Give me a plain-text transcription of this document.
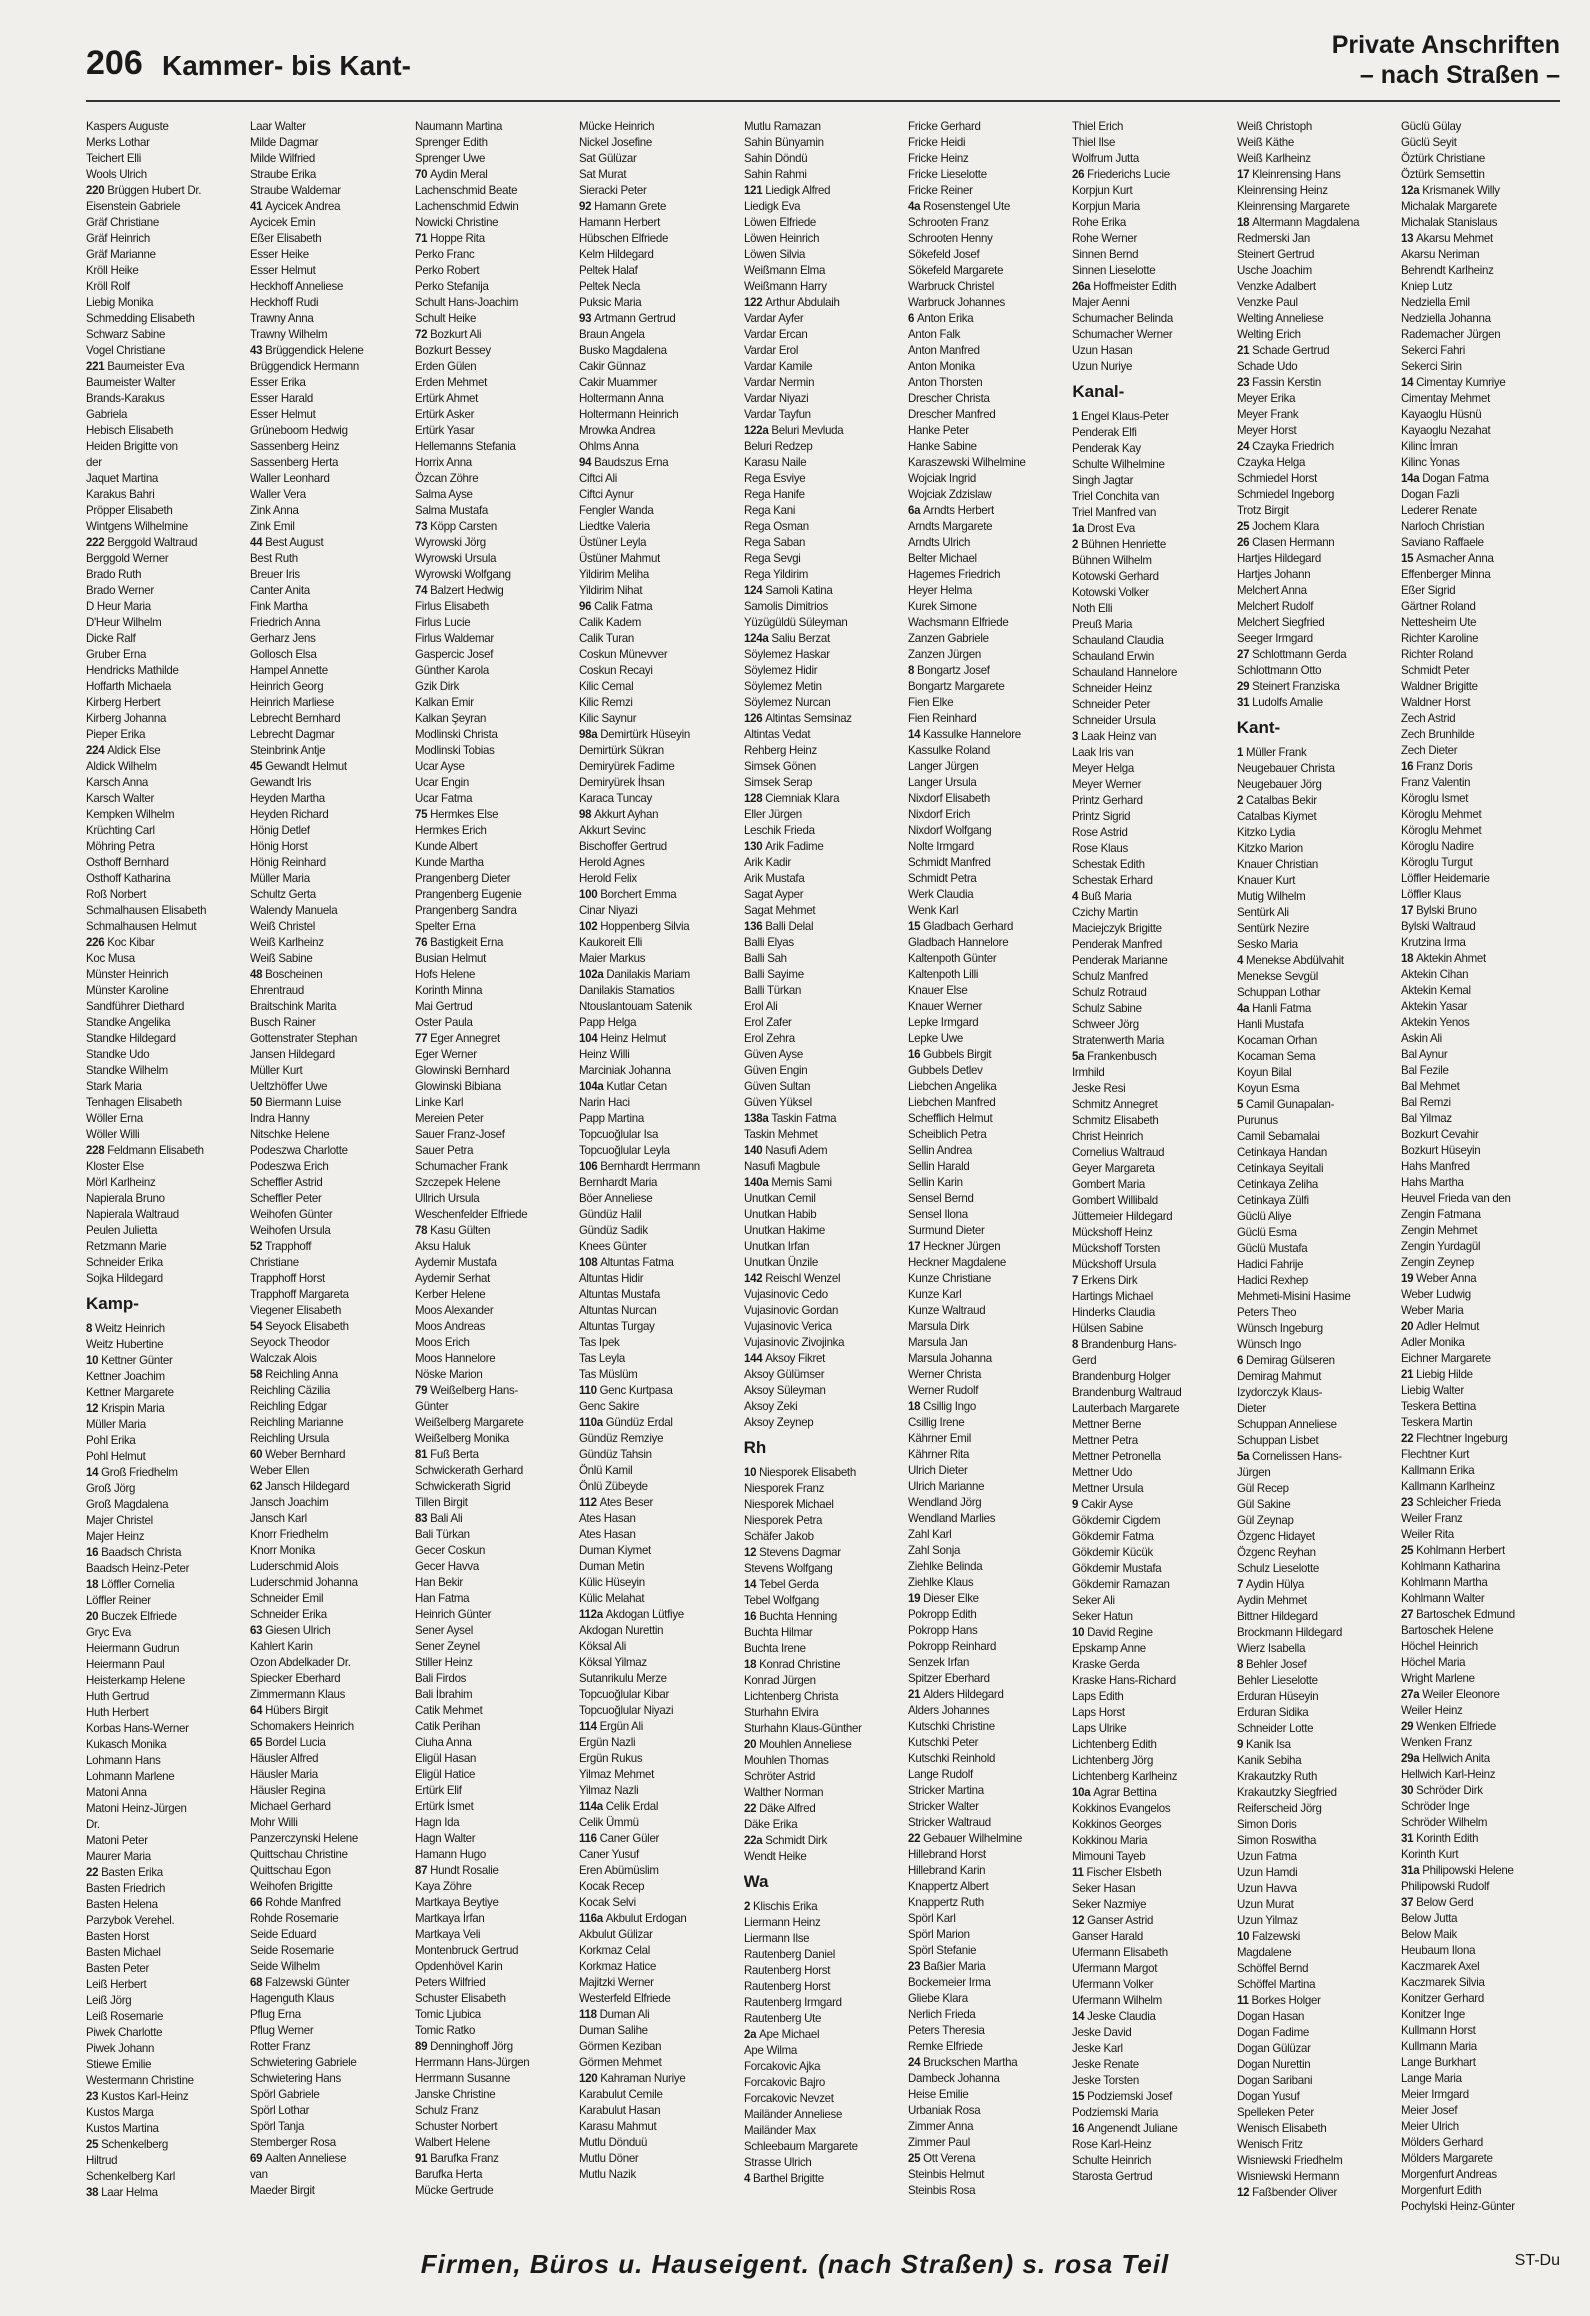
206 Kammer- bis Kant-
Private Anschriften
– nach Straßen –
Kaspers Auguste
Merks Lothar
Teichert Elli
Wools Ulrich
220 Brüggen Hubert Dr.
Eisenstein Gabriele
Gräf Christiane
Gräf Heinrich
Gräf Marianne
Kröll Heike
Kröll Rolf
Liebig Monika
Schmedding Elisabeth
Schwarz Sabine
Vogel Christiane
221 Baumeister Eva
Baumeister Walter
Brands-Karakus
Gabriela
Hebisch Elisabeth
Heiden Brigitte von
der
Jaquet Martina
Karakus Bahri
Pröpper Elisabeth
Wintgens Wilhelmine
222 Berggold Waltraud
Berggold Werner
Brado Ruth
Brado Werner
D Heur Maria
D'Heur Wilhelm
Dicke Ralf
Gruber Erna
Hendricks Mathilde
Hoffarth Michaela
Kirberg Herbert
Kirberg Johanna
Pieper Erika
224 Aldick Else
Aldick Wilhelm
Karsch Anna
Karsch Walter
Kempken Wilhelm
Krüchting Carl
Möhring Petra
Osthoff Bernhard
Osthoff Katharina
Roß Norbert
Schmalhausen Elisabeth
Schmalhausen Helmut
226 Koc Kibar
Koc Musa
Münster Heinrich
Münster Karoline
Sandführer Diethard
Standke Angelika
Standke Hildegard
Standke Udo
Standke Wilhelm
Stark Maria
Tenhagen Elisabeth
Wöller Erna
Wöller Willi
228 Feldmann Elisabeth
Kloster Else
Mörl Karlheinz
Napierala Bruno
Napierala Waltraud
Peulen Julietta
Retzmann Marie
Schneider Erika
Sojka Hildegard
Kamp-
8 Weitz Heinrich
Weitz Hubertine
10 Kettner Günter
Kettner Joachim
Kettner Margarete
12 Krispin Maria
Müller Maria
Pohl Erika
Pohl Helmut
14 Groß Friedhelm
Groß Jörg
Groß Magdalena
Majer Christel
Majer Heinz
16 Baadsch Christa
Baadsch Heinz-Peter
18 Löffler Cornelia
Löffler Reiner
20 Buczek Elfriede
Gryc Eva
Heiermann Gudrun
Heiermann Paul
Heisterkamp Helene
Huth Gertrud
Huth Herbert
Korbas Hans-Werner
Kukasch Monika
Lohmann Hans
Lohmann Marlene
Matoni Anna
Matoni Heinz-Jürgen
Dr.
Matoni Peter
Maurer Maria
22 Basten Erika
Basten Friedrich
Basten Helena
Parzybok Verehel.
Basten Horst
Basten Michael
Basten Peter
Leiß Herbert
Leiß Jörg
Leiß Rosemarie
Piwek Charlotte
Piwek Johann
Stiewe Emilie
Westermann Christine
23 Kustos Karl-Heinz
Kustos Marga
Kustos Martina
25 Schenkelberg
Hiltrud
Schenkelberg Karl
38 Laar Helma
Laar Walter
Milde Dagmar
Milde Wilfried
Straube Erika
Straube Waldemar
41 Aycicek Andrea
Aycicek Emin
Eßer Elisabeth
Esser Heike
Esser Helmut
Heckhoff Anneliese
Heckhoff Rudi
Trawny Anna
Trawny Wilhelm
43 Brüggendick Helene
Brüggendick Hermann
Esser Erika
Esser Harald
Esser Helmut
Grüneboom Hedwig
Sassenberg Heinz
Sassenberg Herta
Waller Leonhard
Waller Vera
Zink Anna
Zink Emil
44 Best August
Best Ruth
Breuer Iris
Canter Anita
Fink Martha
Friedrich Anna
Gerharz Jens
Gollosch Elsa
Hampel Annette
Heinrich Georg
Heinrich Marliese
Lebrecht Bernhard
Lebrecht Dagmar
Steinbrink Antje
45 Gewandt Helmut
Gewandt Iris
Heyden Martha
Heyden Richard
Hönig Detlef
Hönig Horst
Hönig Reinhard
Müller Maria
Schultz Gerta
Walendy Manuela
Weiß Christel
Weiß Karlheinz
Weiß Sabine
48 Boscheinen
Ehrentraud
Braitschink Marita
Busch Rainer
Gottenstrater Stephan
Jansen Hildegard
Müller Kurt
Ueltzhöffer Uwe
50 Biermann Luise
Indra Hanny
Nitschke Helene
Podeszwa Charlotte
Podeszwa Erich
Scheffler Astrid
Scheffler Peter
Weihofen Günter
Weihofen Ursula
52 Trapphoff
Christiane
Trapphoff Horst
Trapphoff Margareta
Viegener Elisabeth
54 Seyock Elisabeth
Seyock Theodor
Walczak Alois
58 Reichling Anna
Reichling Cäzilia
Reichling Edgar
Reichling Marianne
Reichling Ursula
60 Weber Bernhard
Weber Ellen
62 Jansch Hildegard
Jansch Joachim
Jansch Karl
Knorr Friedhelm
Knorr Monika
Luderschmid Alois
Luderschmid Johanna
Schneider Emil
Schneider Erika
63 Giesen Ulrich
Kahlert Karin
Ozon Abdelkader Dr.
Spiecker Eberhard
Zimmermann Klaus
64 Hübers Birgit
Schomakers Heinrich
65 Bordel Lucia
Häusler Alfred
Häusler Maria
Häusler Regina
Michael Gerhard
Mohr Willi
Panzerczynski Helene
Quittschau Christine
Quittschau Egon
Weihofen Brigitte
66 Rohde Manfred
Rohde Rosemarie
Seide Eduard
Seide Rosemarie
Seide Wilhelm
68 Falzewski Günter
Hagenguth Klaus
Pflug Erna
Pflug Werner
Rotter Franz
Schwietering Gabriele
Schwietering Hans
Spörl Gabriele
Spörl Lothar
Spörl Tanja
Stemberger Rosa
69 Aalten Anneliese
van
Maeder Birgit
Naumann Martina
Sprenger Edith
Sprenger Uwe
70 Aydin Meral
Lachenschmid Beate
Lachenschmid Edwin
Nowicki Christine
71 Hoppe Rita
Perko Franc
Perko Robert
Perko Stefanija
Schult Hans-Joachim
Schult Heike
72 Bozkurt Ali
Bozkurt Bessey
Erden Gülen
Erden Mehmet
Ertürk Ahmet
Ertürk Asker
Ertürk Yasar
Hellemanns Stefania
Horrix Anna
Özcan Zöhre
Salma Ayse
Salma Mustafa
73 Köpp Carsten
Wyrowski Jörg
Wyrowski Ursula
Wyrowski Wolfgang
74 Balzert Hedwig
Firlus Elisabeth
Firlus Lucie
Firlus Waldemar
Gaspercic Josef
Günther Karola
Gzik Dirk
Kalkan Emir
Kalkan Şeyran
Modlinski Christa
Modlinski Tobias
Ucar Ayse
Ucar Engin
Ucar Fatma
75 Hermkes Else
Hermkes Erich
Kunde Albert
Kunde Martha
Prangenberg Dieter
Prangenberg Eugenie
Prangenberg Sandra
Spelter Erna
76 Bastigkeit Erna
Busian Helmut
Hofs Helene
Korinth Minna
Mai Gertrud
Oster Paula
77 Eger Annegret
Eger Werner
Glowinski Bernhard
Glowinski Bibiana
Linke Karl
Mereien Peter
Sauer Franz-Josef
Sauer Petra
Schumacher Frank
Szczepek Helene
Ullrich Ursula
Weschenfelder Elfriede
78 Kasu Gülten
Aksu Haluk
Aydemir Mustafa
Aydemir Serhat
Kerber Helene
Moos Alexander
Moos Andreas
Moos Erich
Moos Hannelore
Nöske Marion
79 Weißelberg Hans-
Günter
Weißelberg Margarete
Weißelberg Monika
81 Fuß Berta
Schwickerath Gerhard
Schwickerath Sigrid
Tillen Birgit
83 Bali Ali
Bali Türkan
Gecer Coskun
Gecer Havva
Han Bekir
Han Fatma
Heinrich Günter
Sener Aysel
Sener Zeynel
Stiller Heinz
Bali Firdos
Bali İbrahim
Catik Mehmet
Catik Perihan
Ciuha Anna
Eligül Hasan
Eligül Hatice
Ertürk Elif
Ertürk İsmet
Hagn Ida
Hagn Walter
Hamann Hugo
87 Hundt Rosalie
Kaya Zöhre
Martkaya Beytiye
Martkaya İrfan
Martkaya Veli
Montenbruck Gertrud
Opdenhövel Karin
Peters Wilfried
Schuster Elisabeth
Tomic Ljubica
Tomic Ratko
89 Denninghoff Jörg
Herrmann Hans-Jürgen
Herrmann Susanne
Janske Christine
Schulz Franz
Schuster Norbert
Walbert Helene
91 Barufka Franz
Barufka Herta
Mücke Gertrude
Mücke Heinrich
Nickel Josefine
Sat Gülüzar
Sat Murat
Sieracki Peter
92 Hamann Grete
Hamann Herbert
Hübschen Elfriede
Kelm Hildegard
Peltek Halaf
Peltek Necla
Puksic Maria
93 Artmann Gertrud
Braun Angela
Busko Magdalena
Cakir Günnaz
Cakir Muammer
Holtermann Anna
Holtermann Heinrich
Mrowka Andrea
Ohlms Anna
94 Baudszus Erna
Ciftci Ali
Ciftci Aynur
Fengler Wanda
Liedtke Valeria
Üstüner Leyla
Üstüner Mahmut
Yildirim Meliha
Yildirim Nihat
96 Calik Fatma
Calik Kadem
Calik Turan
Coskun Münevver
Coskun Recayi
Kilic Cemal
Kilic Remzi
Kilic Saynur
98a Demirtürk Hüseyin
Demirtürk Sükran
Demiryürek Fadime
Demiryürek İhsan
Karaca Tuncay
98 Akkurt Ayhan
Akkurt Sevinc
Bischoffer Gertrud
Herold Agnes
Herold Felix
100 Borchert Emma
Cinar Niyazi
102 Hoppenberg Silvia
Kaukoreit Elli
Maier Markus
102a Danilakis Mariam
Danilakis Stamatios
Ntouslantouam Satenik
Papp Helga
104 Heinz Helmut
Heinz Willi
Marciniak Johanna
104a Kutlar Cetan
Narin Haci
Papp Martina
Topcuoğlular Isa
Topcuoğlular Leyla
106 Bernhardt Herrmann
Bernhardt Maria
Böer Anneliese
Gündüz Halil
Gündüz Sadik
Knees Günter
108 Altuntas Fatma
Altuntas Hidir
Altuntas Mustafa
Altuntas Nurcan
Altuntas Turgay
Tas Ipek
Tas Leyla
Tas Müslüm
110 Genc Kurtpasa
Genc Sakire
110a Gündüz Erdal
Gündüz Remziye
Gündüz Tahsin
Önlü Kamil
Önlü Zübeyde
112 Ates Beser
Ates Hasan
Ates Hasan
Duman Kiymet
Duman Metin
Külic Hüseyin
Külic Melahat
112a Akdogan Lütfiye
Akdogan Nurettin
Köksal Ali
Köksal Yilmaz
Sutanrikulu Merze
Topcuoğlular Kibar
Topcuoğlular Niyazi
114 Ergün Ali
Ergün Nazli
Ergün Rukus
Yilmaz Mehmet
Yilmaz Nazli
114a Celik Erdal
Celik Ümmü
116 Caner Güler
Caner Yusuf
Eren Abümüslim
Kocak Recep
Kocak Selvi
116a Akbulut Erdogan
Akbulut Gülizar
Korkmaz Celal
Korkmaz Hatice
Majitzki Werner
Westerfeld Elfriede
118 Duman Ali
Duman Salihe
Görmen Keziban
Görmen Mehmet
120 Kahraman Nuriye
Karabulut Cemile
Karabulut Hasan
Karasu Mahmut
Mutlu Dönduü
Mutlu Döner
Mutlu Nazik
Mutlu Ramazan
Sahin Bünyamin
Sahin Döndü
Sahin Rahmi
121 Liedigk Alfred
Liedigk Eva
Löwen Elfriede
Löwen Heinrich
Löwen Silvia
Weißmann Elma
Weißmann Harry
122 Arthur Abdulaih
Vardar Ayfer
Vardar Ercan
Vardar Erol
Vardar Kamile
Vardar Nermin
Vardar Niyazi
Vardar Tayfun
122a Beluri Mevluda
Beluri Redzep
Karasu Naile
Rega Esviye
Rega Hanife
Rega Kani
Rega Osman
Rega Saban
Rega Sevgi
Rega Yildirim
124 Samoli Katina
Samolis Dimitrios
Yüzügüldü Süleyman
124a Saliu Berzat
Söylemez Haskar
Söylemez Hidir
Söylemez Metin
Söylemez Nurcan
126 Altintas Semsinaz
Altintas Vedat
Rehberg Heinz
Simsek Gönen
Simsek Serap
128 Ciemniak Klara
Eller Jürgen
Leschik Frieda
130 Arik Fadime
Arik Kadir
Arik Mustafa
Sagat Ayper
Sagat Mehmet
136 Balli Delal
Balli Elyas
Balli Sah
Balli Sayime
Balli Türkan
Erol Ali
Erol Zafer
Erol Zehra
Güven Ayse
Güven Engin
Güven Sultan
Güven Yüksel
138a Taskin Fatma
Taskin Mehmet
140 Nasufi Adem
Nasufi Magbule
140a Memis Sami
Unutkan Cemil
Unutkan Habib
Unutkan Hakime
Unutkan Irfan
Unutkan Ünzile
142 Reischl Wenzel
Vujasinovic Cedo
Vujasinovic Gordan
Vujasinovic Verica
Vujasinovic Zivojinka
144 Aksoy Fikret
Aksoy Gülümser
Aksoy Süleyman
Aksoy Zeki
Aksoy Zeynep
Rh
10 Niesporek Elisabeth
Niesporek Franz
Niesporek Michael
Niesporek Petra
Schäfer Jakob
12 Stevens Dagmar
Stevens Wolfgang
14 Tebel Gerda
Tebel Wolfgang
16 Buchta Henning
Buchta Hilmar
Buchta Irene
18 Konrad Christine
Konrad Jürgen
Lichtenberg Christa
Sturhahn Elvira
Sturhahn Klaus-Günther
20 Mouhlen Anneliese
Mouhlen Thomas
Schröter Astrid
Walther Norman
22 Däke Alfred
Däke Erika
22a Schmidt Dirk
Wendt Heike
Wa
2 Klischis Erika
Liermann Heinz
Liermann Ilse
Rautenberg Daniel
Rautenberg Horst
Rautenberg Horst
Rautenberg Irmgard
Rautenberg Ute
2a Ape Michael
Ape Wilma
Forcakovic Ajka
Forcakovic Bajro
Forcakovic Nevzet
Mailänder Anneliese
Mailänder Max
Schleebaum Margarete
Strasse Ulrich
4 Barthel Brigitte
Fricke Gerhard
Fricke Heidi
Fricke Heinz
Fricke Lieselotte
Fricke Reiner
4a Rosenstengel Ute
Schrooten Franz
Schrooten Henny
Sökefeld Josef
Sökefeld Margarete
Warbruck Christel
Warbruck Johannes
6 Anton Erika
Anton Falk
Anton Manfred
Anton Monika
Anton Thorsten
Drescher Christa
Drescher Manfred
Hanke Peter
Hanke Sabine
Karaszewski Wilhelmine
Wojciak Ingrid
Wojciak Zdzislaw
6a Arndts Herbert
Arndts Margarete
Arndts Ulrich
Belter Michael
Hagemes Friedrich
Heyer Helma
Kurek Simone
Wachsmann Elfriede
Zanzen Gabriele
Zanzen Jürgen
8 Bongartz Josef
Bongartz Margarete
Fien Elke
Fien Reinhard
14 Kassulke Hannelore
Kassulke Roland
Langer Jürgen
Langer Ursula
Nixdorf Elisabeth
Nixdorf Erich
Nixdorf Wolfgang
Nolte Irmgard
Schmidt Manfred
Schmidt Petra
Werk Claudia
Wenk Karl
15 Gladbach Gerhard
Gladbach Hannelore
Kaltenpoth Günter
Kaltenpoth Lilli
Knauer Else
Knauer Werner
Lepke Irmgard
Lepke Uwe
16 Gubbels Birgit
Gubbels Detlev
Liebchen Angelika
Liebchen Manfred
Schefflich Helmut
Scheiblich Petra
Sellin Andrea
Sellin Harald
Sellin Karin
Sensel Bernd
Sensel Ilona
Surmund Dieter
17 Heckner Jürgen
Heckner Magdalene
Kunze Christiane
Kunze Karl
Kunze Waltraud
Marsula Dirk
Marsula Jan
Marsula Johanna
Werner Christa
Werner Rudolf
18 Csillig Ingo
Csillig Irene
Kährner Emil
Kährner Rita
Ulrich Dieter
Ulrich Marianne
Wendland Jörg
Wendland Marlies
Zahl Karl
Zahl Sonja
Ziehlke Belinda
Ziehlke Klaus
19 Dieser Elke
Pokropp Edith
Pokropp Hans
Pokropp Reinhard
Senzek Irfan
Spitzer Eberhard
21 Alders Hildegard
Alders Johannes
Kutschki Christine
Kutschki Peter
Kutschki Reinhold
Lange Rudolf
Stricker Martina
Stricker Walter
Stricker Waltraud
22 Gebauer Wilhelmine
Hillebrand Horst
Hillebrand Karin
Knappertz Albert
Knappertz Ruth
Spörl Karl
Spörl Marion
Spörl Stefanie
23 Baßier Maria
Bockemeier Irma
Gliebe Klara
Nerlich Frieda
Peters Theresia
Remke Elfriede
24 Bruckschen Martha
Dambeck Johanna
Heise Emilie
Urbaniak Rosa
Zimmer Anna
Zimmer Paul
25 Ott Verena
Steinbis Helmut
Steinbis Rosa
Thiel Erich
Thiel Ilse
Wolfrum Jutta
26 Friederichs Lucie
Korpjun Kurt
Korpjun Maria
Rohe Erika
Rohe Werner
Sinnen Bernd
Sinnen Lieselotte
26a Hoffmeister Edith
Majer Aenni
Schumacher Belinda
Schumacher Werner
Uzun Hasan
Uzun Nuriye
Kanal-
1 Engel Klaus-Peter
Penderak Elfi
Penderak Kay
Schulte Wilhelmine
Singh Jagtar
Triel Conchita van
Triel Manfred van
1a Drost Eva
2 Bühnen Henriette
Bühnen Wilhelm
Kotowski Gerhard
Kotowski Volker
Noth Elli
Preuß Maria
Schauland Claudia
Schauland Erwin
Schauland Hannelore
Schneider Heinz
Schneider Peter
Schneider Ursula
3 Laak Heinz van
Laak Iris van
Meyer Helga
Meyer Werner
Printz Gerhard
Printz Sigrid
Rose Astrid
Rose Klaus
Schestak Edith
Schestak Erhard
4 Buß Maria
Czichy Martin
Maciejczyk Brigitte
Penderak Manfred
Penderak Marianne
Schulz Manfred
Schulz Rotraud
Schulz Sabine
Schweer Jörg
Stratenwerth Maria
5a Frankenbusch
Irmhild
Jeske Resi
Schmitz Annegret
Schmitz Elisabeth
Christ Heinrich
Cornelius Waltraud
Geyer Margareta
Gombert Maria
Gombert Willibald
Jüttemeier Hildegard
Mückshoff Heinz
Mückshoff Torsten
Mückshoff Ursula
7 Erkens Dirk
Hartings Michael
Hinderks Claudia
Hülsen Sabine
8 Brandenburg Hans-
Gerd
Brandenburg Holger
Brandenburg Waltraud
Lauterbach Margarete
Mettner Berne
Mettner Petra
Mettner Petronella
Mettner Udo
Mettner Ursula
9 Cakir Ayse
Gökdemir Cigdem
Gökdemir Fatma
Gökdemir Kücük
Gökdemir Mustafa
Gökdemir Ramazan
Seker Ali
Seker Hatun
10 David Regine
Epskamp Anne
Kraske Gerda
Kraske Hans-Richard
Laps Edith
Laps Horst
Laps Ulrike
Lichtenberg Edith
Lichtenberg Jörg
Lichtenberg Karlheinz
10a Agrar Bettina
Kokkinos Evangelos
Kokkinos Georges
Kokkinou Maria
Mimouni Tayeb
11 Fischer Elsbeth
Seker Hasan
Seker Nazmiye
12 Ganser Astrid
Ganser Harald
Ufermann Elisabeth
Ufermann Margot
Ufermann Volker
Ufermann Wilhelm
14 Jeske Claudia
Jeske David
Jeske Karl
Jeske Renate
Jeske Torsten
15 Podziemski Josef
Podziemski Maria
16 Angenendt Juliane
Rose Karl-Heinz
Schulte Heinrich
Starosta Gertrud
Weiß Christoph
Weiß Käthe
Weiß Karlheinz
17 Kleinrensing Hans
Kleinrensing Heinz
Kleinrensing Margarete
18 Altermann Magdalena
Redmerski Jan
Steinert Gertrud
Usche Joachim
Venzke Adalbert
Venzke Paul
Welting Anneliese
Welting Erich
21 Schade Gertrud
Schade Udo
23 Fassin Kerstin
Meyer Erika
Meyer Frank
Meyer Horst
24 Czayka Friedrich
Czayka Helga
Schmiedel Horst
Schmiedel Ingeborg
Trotz Birgit
25 Jochem Klara
26 Clasen Hermann
Hartjes Hildegard
Hartjes Johann
Melchert Anna
Melchert Rudolf
Melchert Siegfried
Seeger Irmgard
27 Schlottmann Gerda
Schlottmann Otto
29 Steinert Franziska
31 Ludolfs Amalie
Kant-
1 Müller Frank
Neugebauer Christa
Neugebauer Jörg
2 Catalbas Bekir
Catalbas Kiymet
Kitzko Lydia
Kitzko Marion
Knauer Christian
Knauer Kurt
Mutig Wilhelm
Sentürk Ali
Sentürk Nezire
Sesko Maria
4 Menekse Abdülvahit
Menekse Sevgül
Schuppan Lothar
4a Hanli Fatma
Hanli Mustafa
Kocaman Orhan
Kocaman Sema
Koyun Bilal
Koyun Esma
5 Camil Gunapalan-
Purunus
Camil Sebamalai
Cetinkaya Handan
Cetinkaya Seyitali
Cetinkaya Zeliha
Cetinkaya Zülfi
Güclü Aliye
Güclü Esma
Güclü Mustafa
Hadici Fahrije
Hadici Rexhep
Mehmeti-Misini Hasime
Peters Theo
Wünsch Ingeburg
Wünsch Ingo
6 Demirag Gülseren
Demirag Mahmut
Izydorczyk Klaus-
Dieter
Schuppan Anneliese
Schuppan Lisbet
5a Cornelissen Hans-
Jürgen
Gül Recep
Gül Sakine
Gül Zeynap
Özgenc Hidayet
Özgenc Reyhan
Schulz Lieselotte
7 Aydin Hülya
Aydin Mehmet
Bittner Hildegard
Brockmann Hildegard
Wierz Isabella
8 Behler Josef
Behler Lieselotte
Erduran Hüseyin
Erduran Sidika
Schneider Lotte
9 Kanik Isa
Kanik Sebiha
Krakautzky Ruth
Krakautzky Siegfried
Reiferscheid Jörg
Simon Doris
Simon Roswitha
Uzun Fatma
Uzun Hamdi
Uzun Havva
Uzun Murat
Uzun Yilmaz
10 Falzewski
Magdalene
Schöffel Bernd
Schöffel Martina
11 Borkes Holger
Dogan Hasan
Dogan Fadime
Dogan Gülüzar
Dogan Nurettin
Dogan Saribani
Dogan Yusuf
Spelleken Peter
Wenisch Elisabeth
Wenisch Fritz
Wisniewski Friedhelm
Wisniewski Hermann
12 Faßbender Oliver
Güclü Gülay
Güclü Seyit
Öztürk Christiane
Öztürk Semsettin
12a Krismanek Willy
Michalak Margarete
Michalak Stanislaus
13 Akarsu Mehmet
Akarsu Neriman
Behrendt Karlheinz
Kniep Lutz
Nedziella Emil
Nedziella Johanna
Rademacher Jürgen
Sekerci Fahri
Sekerci Sirin
14 Cimentay Kumriye
Cimentay Mehmet
Kayaoglu Hüsnü
Kayaoglu Nezahat
Kilinc İmran
Kilinc Yonas
14a Dogan Fatma
Dogan Fazli
Lederer Renate
Narloch Christian
Saviano Raffaele
15 Asmacher Anna
Effenberger Minna
Eßer Sigrid
Gärtner Roland
Nettesheim Ute
Richter Karoline
Richter Roland
Schmidt Peter
Waldner Brigitte
Waldner Horst
Zech Astrid
Zech Brunhilde
Zech Dieter
16 Franz Doris
Franz Valentin
Köroglu Ismet
Köroglu Mehmet
Köroglu Mehmet
Köroglu Nadire
Köroglu Turgut
Löffler Heidemarie
Löffler Klaus
17 Bylski Bruno
Bylski Waltraud
Krutzina Irma
18 Aktekin Ahmet
Aktekin Cihan
Aktekin Kemal
Aktekin Yasar
Aktekin Yenos
Askin Ali
Bal Aynur
Bal Fezile
Bal Mehmet
Bal Remzi
Bal Yilmaz
Bozkurt Cevahir
Bozkurt Hüseyin
Hahs Manfred
Hahs Martha
Heuvel Frieda van den
Zengin Fatmana
Zengin Mehmet
Zengin Yurdagül
Zengin Zeynep
19 Weber Anna
Weber Ludwig
Weber Maria
20 Adler Helmut
Adler Monika
Eichner Margarete
21 Liebig Hilde
Liebig Walter
Teskera Bettina
Teskera Martin
22 Flechtner Ingeburg
Flechtner Kurt
Kallmann Erika
Kallmann Karlheinz
23 Schleicher Frieda
Weiler Franz
Weiler Rita
25 Kohlmann Herbert
Kohlmann Katharina
Kohlmann Martha
Kohlmann Walter
27 Bartoschek Edmund
Bartoschek Helene
Höchel Heinrich
Höchel Maria
Wright Marlene
27a Weiler Eleonore
Weiler Heinz
29 Wenken Elfriede
Wenken Franz
29a Hellwich Anita
Hellwich Karl-Heinz
30 Schröder Dirk
Schröder Inge
Schröder Wilhelm
31 Korinth Edith
Korinth Kurt
31a Philipowski Helene
Philipowski Rudolf
37 Below Gerd
Below Jutta
Below Maik
Heubaum Ilona
Kaczmarek Axel
Kaczmarek Silvia
Konitzer Gerhard
Konitzer Inge
Kullmann Horst
Kullmann Maria
Lange Burkhart
Lange Maria
Meier Irmgard
Meier Josef
Meier Ulrich
Mölders Gerhard
Mölders Margarete
Morgenfurt Andreas
Morgenfurt Edith
Pochylski Heinz-Günter
Firmen, Büros u. Hauseigent. (nach Straßen) s. rosa Teil	ST-Du
